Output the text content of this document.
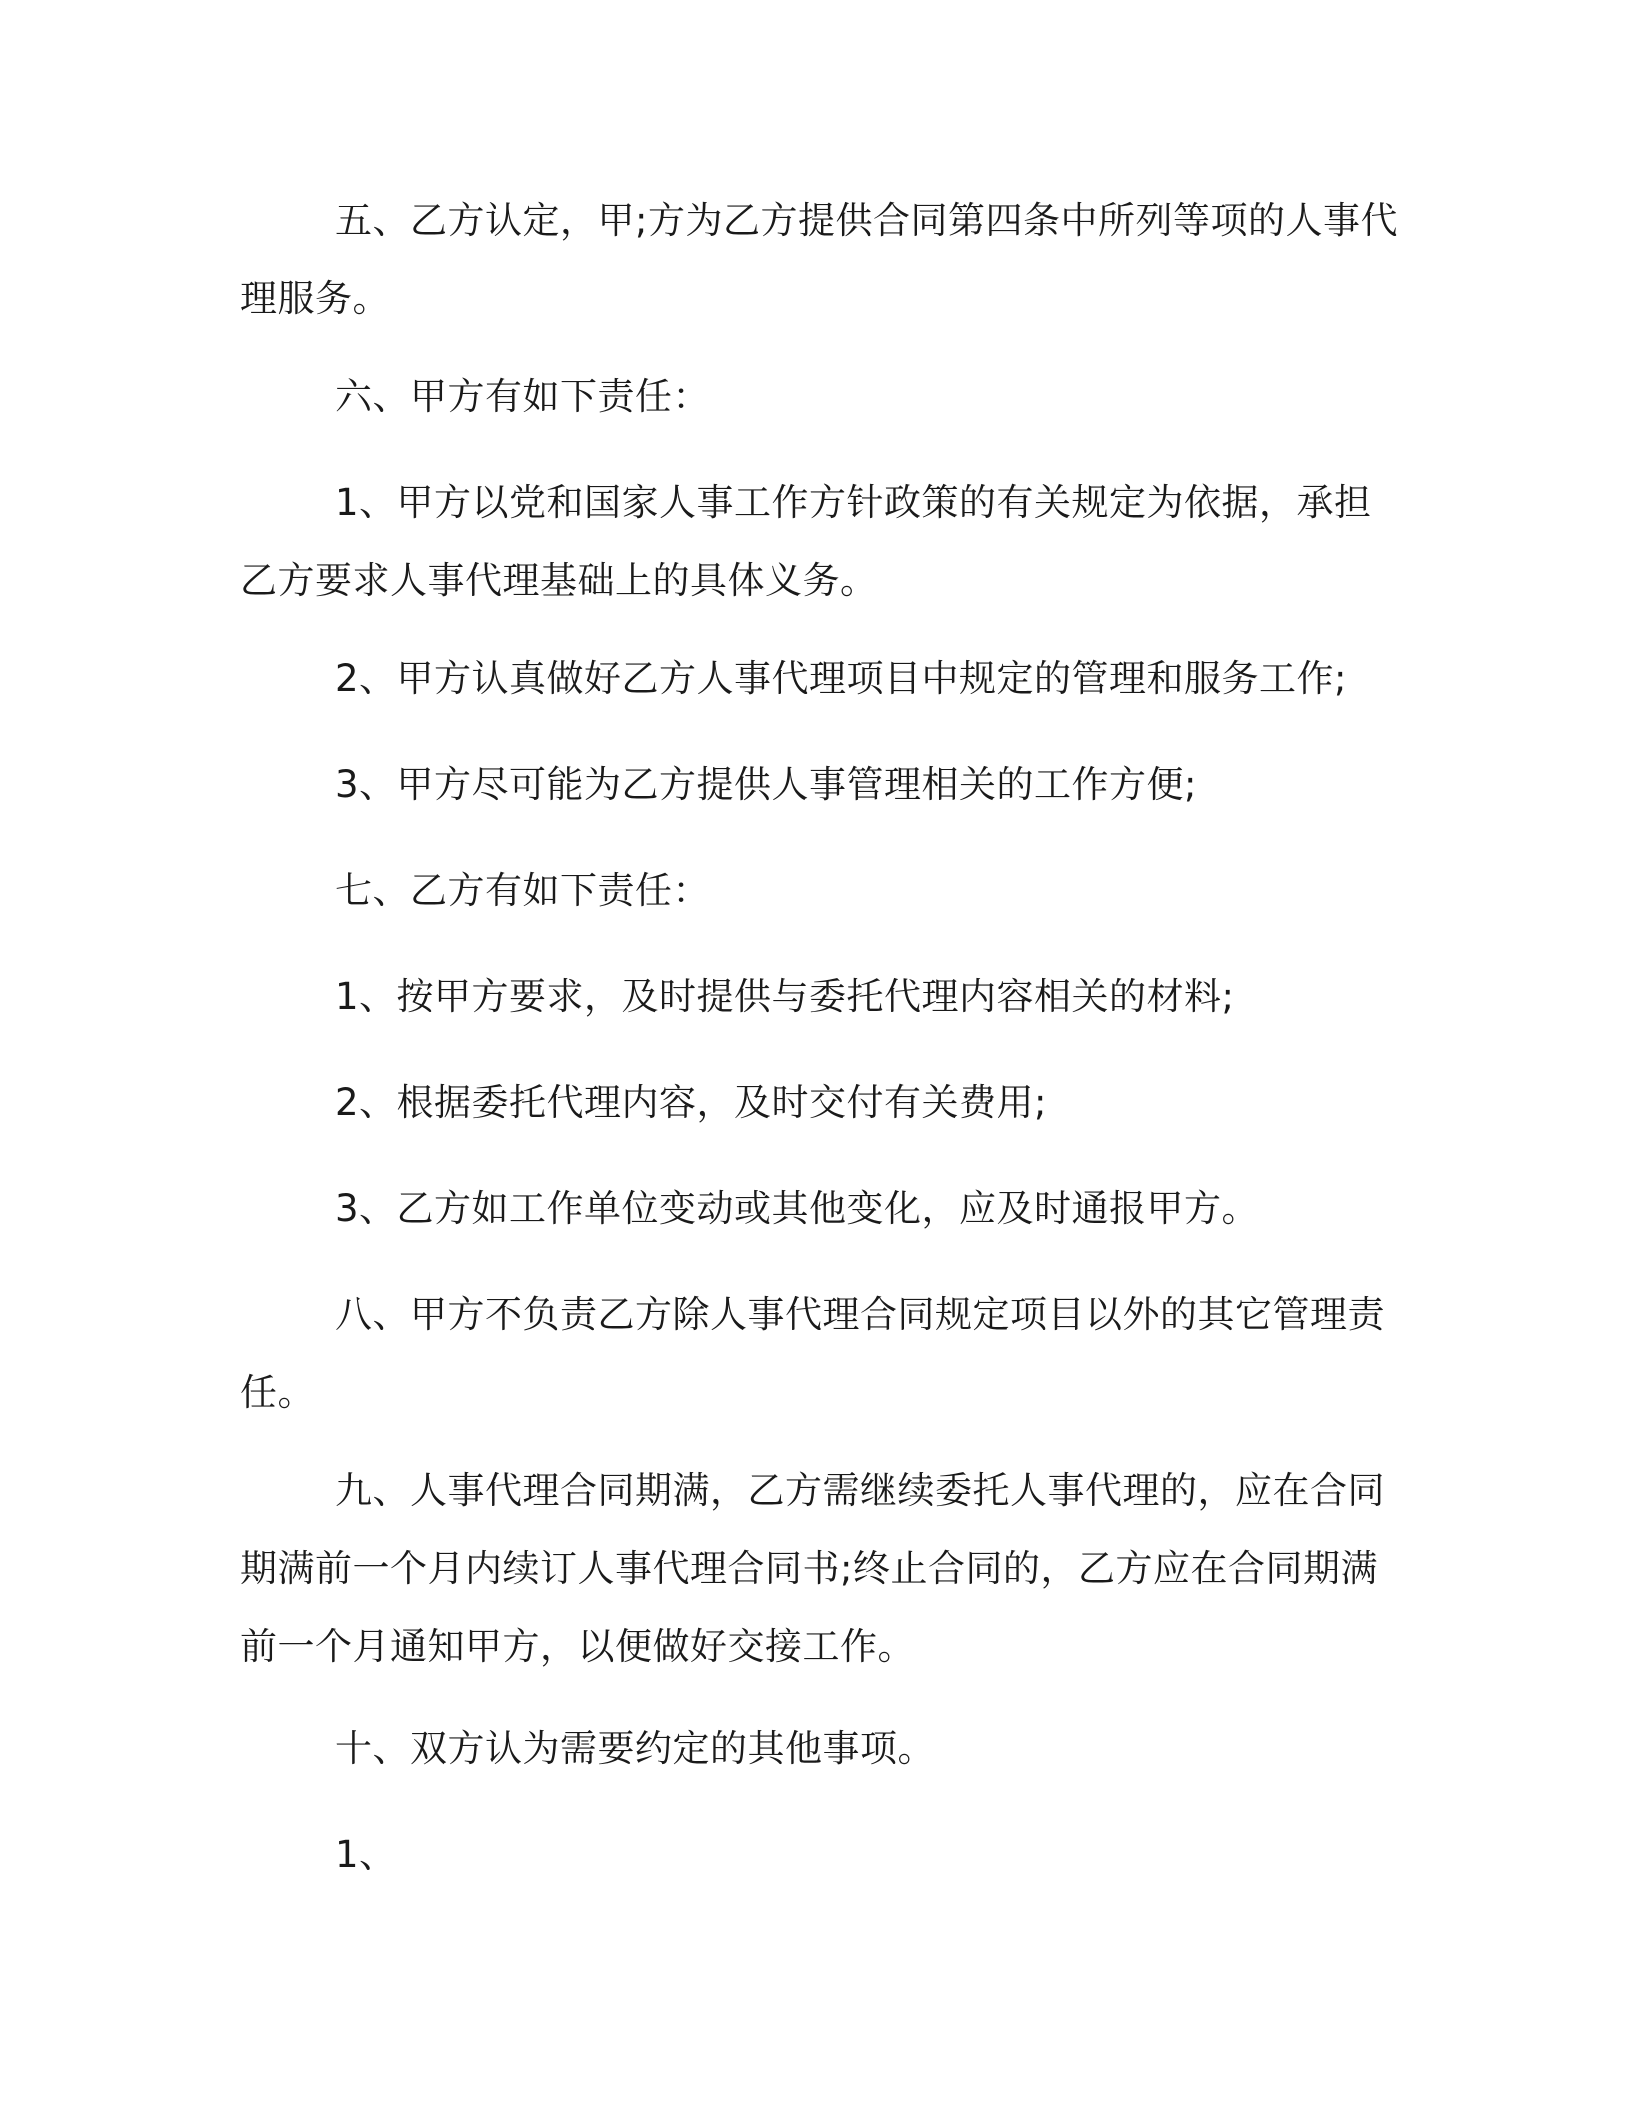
五、乙方认定，甲;方为乙方提供合同第四条中所列等项的人事代理服务。

六、甲方有如下责任：

1、甲方以党和国家人事工作方针政策的有关规定为依据，承担乙方要求人事代理基础上的具体义务。

2、甲方认真做好乙方人事代理项目中规定的管理和服务工作;

3、甲方尽可能为乙方提供人事管理相关的工作方便;

七、乙方有如下责任：

1、按甲方要求，及时提供与委托代理内容相关的材料;

2、根据委托代理内容，及时交付有关费用;

3、乙方如工作单位变动或其他变化，应及时通报甲方。

八、甲方不负责乙方除人事代理合同规定项目以外的其它管理责任。

九、人事代理合同期满，乙方需继续委托人事代理的，应在合同期满前一个月内续订人事代理合同书;终止合同的，乙方应在合同期满前一个月通知甲方，以便做好交接工作。

十、双方认为需要约定的其他事项。

1、
